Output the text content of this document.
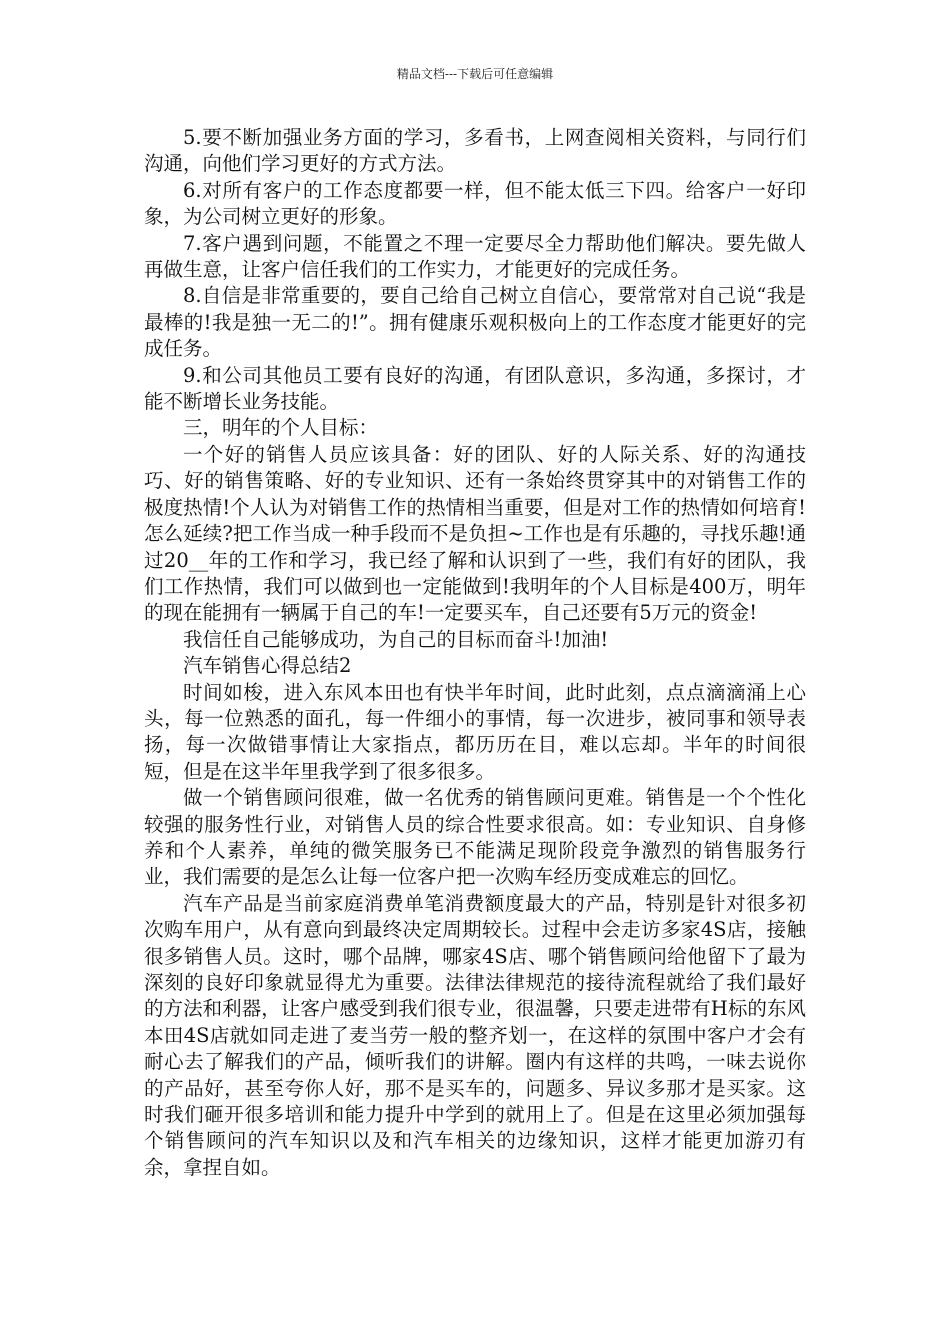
精品文档---下载后可任意编辑

5.要不断加强业务方面的学习，多看书，上网查阅相关资料，与同行们沟通，向他们学习更好的方式方法。

6.对所有客户的工作态度都要一样，但不能太低三下四。给客户一好印象，为公司树立更好的形象。

7.客户遇到问题，不能置之不理一定要尽全力帮助他们解决。要先做人再做生意，让客户信任我们的工作实力，才能更好的完成任务。

8.自信是非常重要的，要自己给自己树立自信心，要常常对自己说“我是最棒的!我是独一无二的!”。拥有健康乐观积极向上的工作态度才能更好的完成任务。

9.和公司其他员工要有良好的沟通，有团队意识，多沟通，多探讨，才能不断增长业务技能。

三，明年的个人目标：

一个好的销售人员应该具备：好的团队、好的人际关系、好的沟通技巧、好的销售策略、好的专业知识、还有一条始终贯穿其中的对销售工作的极度热情!个人认为对销售工作的热情相当重要，但是对工作的热情如何培育!怎么延续?把工作当成一种手段而不是负担~工作也是有乐趣的，寻找乐趣!通过20__年的工作和学习，我已经了解和认识到了一些，我们有好的团队，我们工作热情，我们可以做到也一定能做到!我明年的个人目标是400万，明年的现在能拥有一辆属于自己的车!一定要买车，自己还要有5万元的资金!

我信任自己能够成功，为自己的目标而奋斗!加油!

汽车销售心得总结2

时间如梭，进入东风本田也有快半年时间，此时此刻，点点滴滴涌上心头，每一位熟悉的面孔，每一件细小的事情，每一次进步，被同事和领导表扬，每一次做错事情让大家指点，都历历在目，难以忘却。半年的时间很短，但是在这半年里我学到了很多很多。

做一个销售顾问很难，做一名优秀的销售顾问更难。销售是一个个性化较强的服务性行业，对销售人员的综合性要求很高。如：专业知识、自身修养和个人素养，单纯的微笑服务已不能满足现阶段竞争激烈的销售服务行业，我们需要的是怎么让每一位客户把一次购车经历变成难忘的回忆。

汽车产品是当前家庭消费单笔消费额度最大的产品，特别是针对很多初次购车用户，从有意向到最终决定周期较长。过程中会走访多家4S店，接触很多销售人员。这时，哪个品牌，哪家4S店、哪个销售顾问给他留下了最为深刻的良好印象就显得尤为重要。法律法律规范的接待流程就给了我们最好的方法和利器，让客户感受到我们很专业，很温馨，只要走进带有H标的东风本田4S店就如同走进了麦当劳一般的整齐划一，在这样的氛围中客户才会有耐心去了解我们的产品，倾听我们的讲解。圈内有这样的共鸣，一味去说你的产品好，甚至夸你人好，那不是买车的，问题多、异议多那才是买家。这时我们砸开很多培训和能力提升中学到的就用上了。但是在这里必须加强每个销售顾问的汽车知识以及和汽车相关的边缘知识，这样才能更加游刃有余，拿捏自如。
